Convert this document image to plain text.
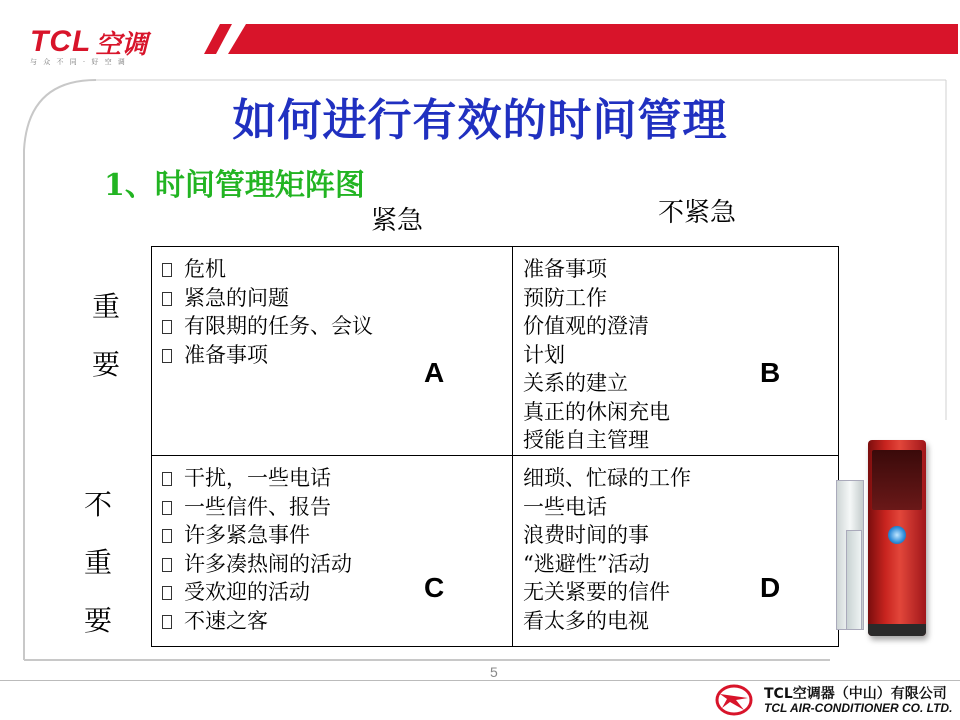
TCL 空调
与 众 不 同 · 好 空 调
如何进行有效的时间管理
1、时间管理矩阵图
紧急	不紧急
重
要
不
重
要
危机
紧急的问题
有限期的任务、会议
准备事项
A
准备事项
预防工作
价值观的澄清
计划
关系的建立
真正的休闲充电
授能自主管理
B
干扰，一些电话
一些信件、报告
许多紧急事件
许多凑热闹的活动
受欢迎的活动
不速之客
C
细琐、忙碌的工作
一些电话
浪费时间的事
“逃避性”活动
无关紧要的信件
看太多的电视
D
5
TCL空调器（中山）有限公司
TCL AIR-CONDITIONER CO. LTD.
